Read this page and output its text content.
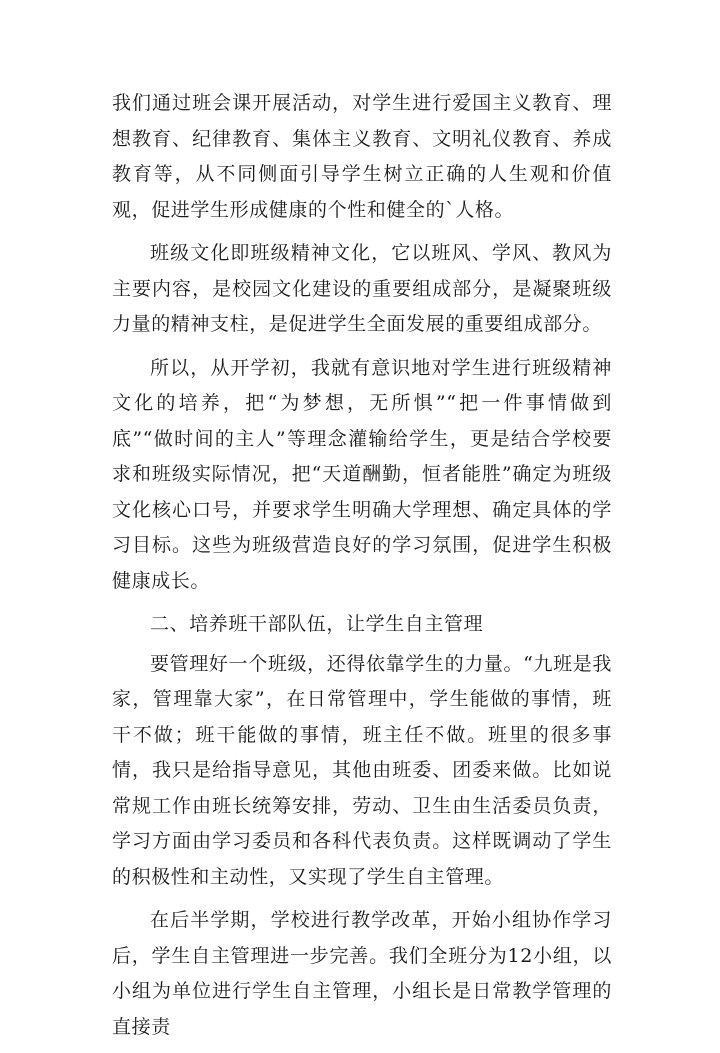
我们通过班会课开展活动，对学生进行爱国主义教育、理想教育、纪律教育、集体主义教育、文明礼仪教育、养成教育等，从不同侧面引导学生树立正确的人生观和价值观，促进学生形成健康的个性和健全的`人格。

班级文化即班级精神文化，它以班风、学风、教风为主要内容，是校园文化建设的重要组成部分，是凝聚班级力量的精神支柱，是促进学生全面发展的重要组成部分。

所以，从开学初，我就有意识地对学生进行班级精神文化的培养，把“为梦想，无所惧”“把一件事情做到底”“做时间的主人”等理念灌输给学生，更是结合学校要求和班级实际情况，把“天道酬勤，恒者能胜”确定为班级文化核心口号，并要求学生明确大学理想、确定具体的学习目标。这些为班级营造良好的学习氛围，促进学生积极健康成长。

二、培养班干部队伍，让学生自主管理

要管理好一个班级，还得依靠学生的力量。“九班是我家，管理靠大家”，在日常管理中，学生能做的事情，班干不做；班干能做的事情，班主任不做。班里的很多事情，我只是给指导意见，其他由班委、团委来做。比如说常规工作由班长统筹安排，劳动、卫生由生活委员负责，学习方面由学习委员和各科代表负责。这样既调动了学生的积极性和主动性，又实现了学生自主管理。

在后半学期，学校进行教学改革，开始小组协作学习后，学生自主管理进一步完善。我们全班分为12小组，以小组为单位进行学生自主管理，小组长是日常教学管理的直接责
